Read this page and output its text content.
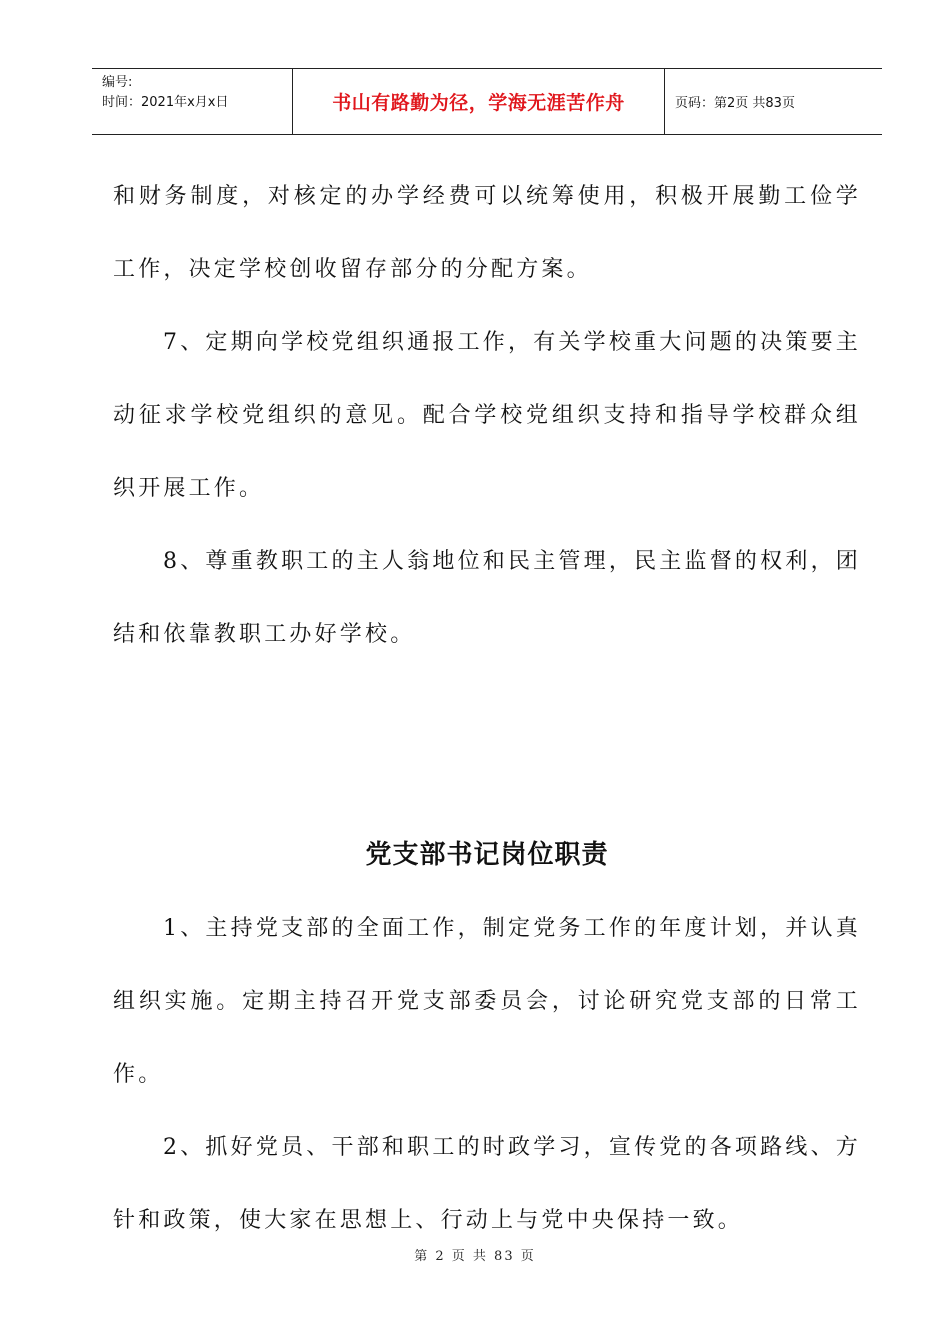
编号:
时间：2021年x月x日	书山有路勤为径，学海无涯苦作舟	页码：第2页 共83页

和财务制度，对核定的办学经费可以统筹使用，积极开展勤工俭学工作，决定学校创收留存部分的分配方案。

7、定期向学校党组织通报工作，有关学校重大问题的决策要主动征求学校党组织的意见。配合学校党组织支持和指导学校群众组织开展工作。

8、尊重教职工的主人翁地位和民主管理，民主监督的权利，团结和依靠教职工办好学校。

党支部书记岗位职责

1、主持党支部的全面工作，制定党务工作的年度计划，并认真组织实施。定期主持召开党支部委员会，讨论研究党支部的日常工作。

2、抓好党员、干部和职工的时政学习，宣传党的各项路线、方针和政策，使大家在思想上、行动上与党中央保持一致。

第 2 页 共 83 页
